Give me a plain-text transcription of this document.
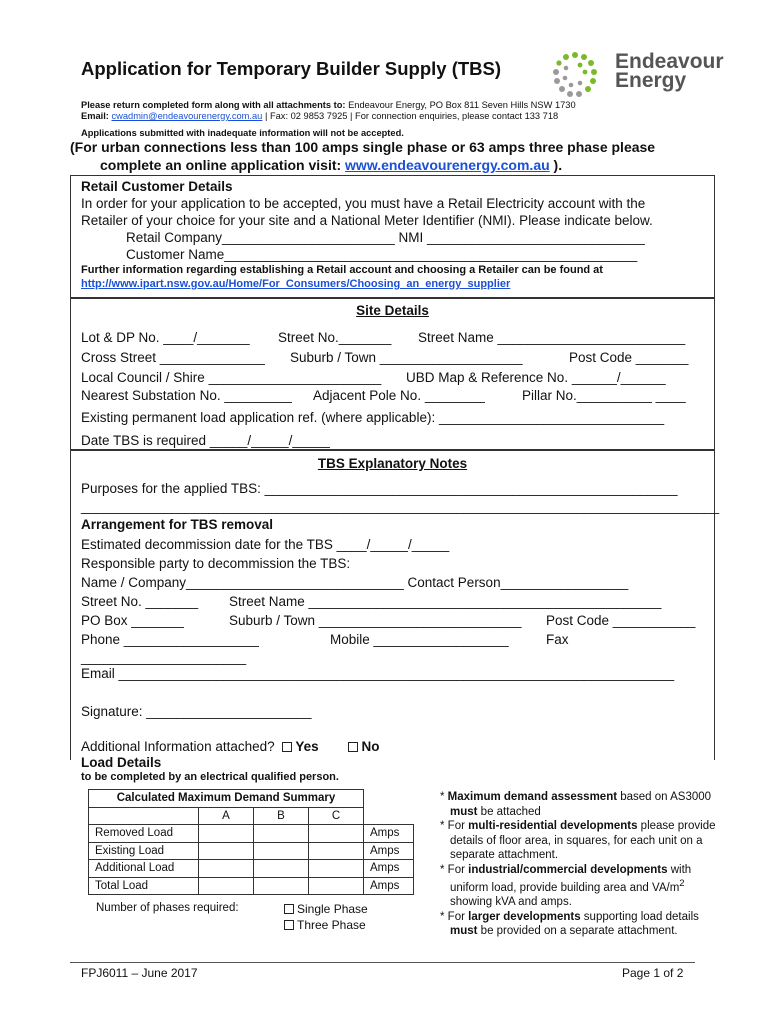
Application for Temporary Builder Supply (TBS)	Endeavour
Energy
Please return completed form along with all attachments to: Endeavour Energy, PO Box 811 Seven Hills NSW 1730
Email: cwadmin@endeavourenergy.com.au | Fax: 02 9853 7925 | For connection enquiries, please contact 133 718
Applications submitted with inadequate information will not be accepted.
(For urban connections less than 100 amps single phase or 63 amps three phase please
complete an online application visit: www.endeavourenergy.com.au ).
Retail Customer Details
In order for your application to be accepted, you must have a Retail Electricity account with the
Retailer of your choice for your site and a National Meter Identifier (NMI). Please indicate below.
Retail Company_______________________ NMI _____________________________
Customer Name_______________________________________________________
Further information regarding establishing a Retail account and choosing a Retailer can be found at
http://www.ipart.nsw.gov.au/Home/For_Consumers/Choosing_an_energy_supplier
Site Details
Lot & DP No. ____/_______ Street No._______ Street Name _________________________
Cross Street ______________ Suburb / Town ___________________	Post Code _______
Local Council / Shire _______________________ UBD Map & Reference No. ______/______
Nearest Substation No. _________ Adjacent Pole No. ________	Pillar No.__________ ____
Existing permanent load application ref. (where applicable): ______________________________
Date TBS is required _____/_____/_____
TBS Explanatory Notes
Purposes for the applied TBS: _______________________________________________________
_____________________________________________________________________________________
Arrangement for TBS removal
Estimated decommission date for the TBS ____/_____/_____
Responsible party to decommission the TBS:
Name / Company_____________________________ Contact Person_________________
Street No. _______ Street Name _______________________________________________
PO Box _______	Suburb / Town ___________________________ Post Code ___________
Phone __________________	Mobile __________________	Fax
______________________
Email __________________________________________________________________________
Signature: ______________________
Additional Information attached? Yes	No
Load Details
to be completed by an electrical qualified person.
Calculated Maximum Demand Summary				
	A	B	C	
Removed Load				Amps
Existing Load				Amps
Additional Load				Amps
Total Load				Amps
Number of phases required:	Single Phase
Three Phase
* Maximum demand assessment based on AS3000 must be attached
* For multi-residential developments please provide details of floor area, in squares, for each unit on a separate attachment.
* For industrial/commercial developments with uniform load, provide building area and $VA/m^2$ showing kVA and amps.
* For larger developments supporting load details must be provided on a separate attachment.
FPJ6011 – June 2017	Page 1 of 2
